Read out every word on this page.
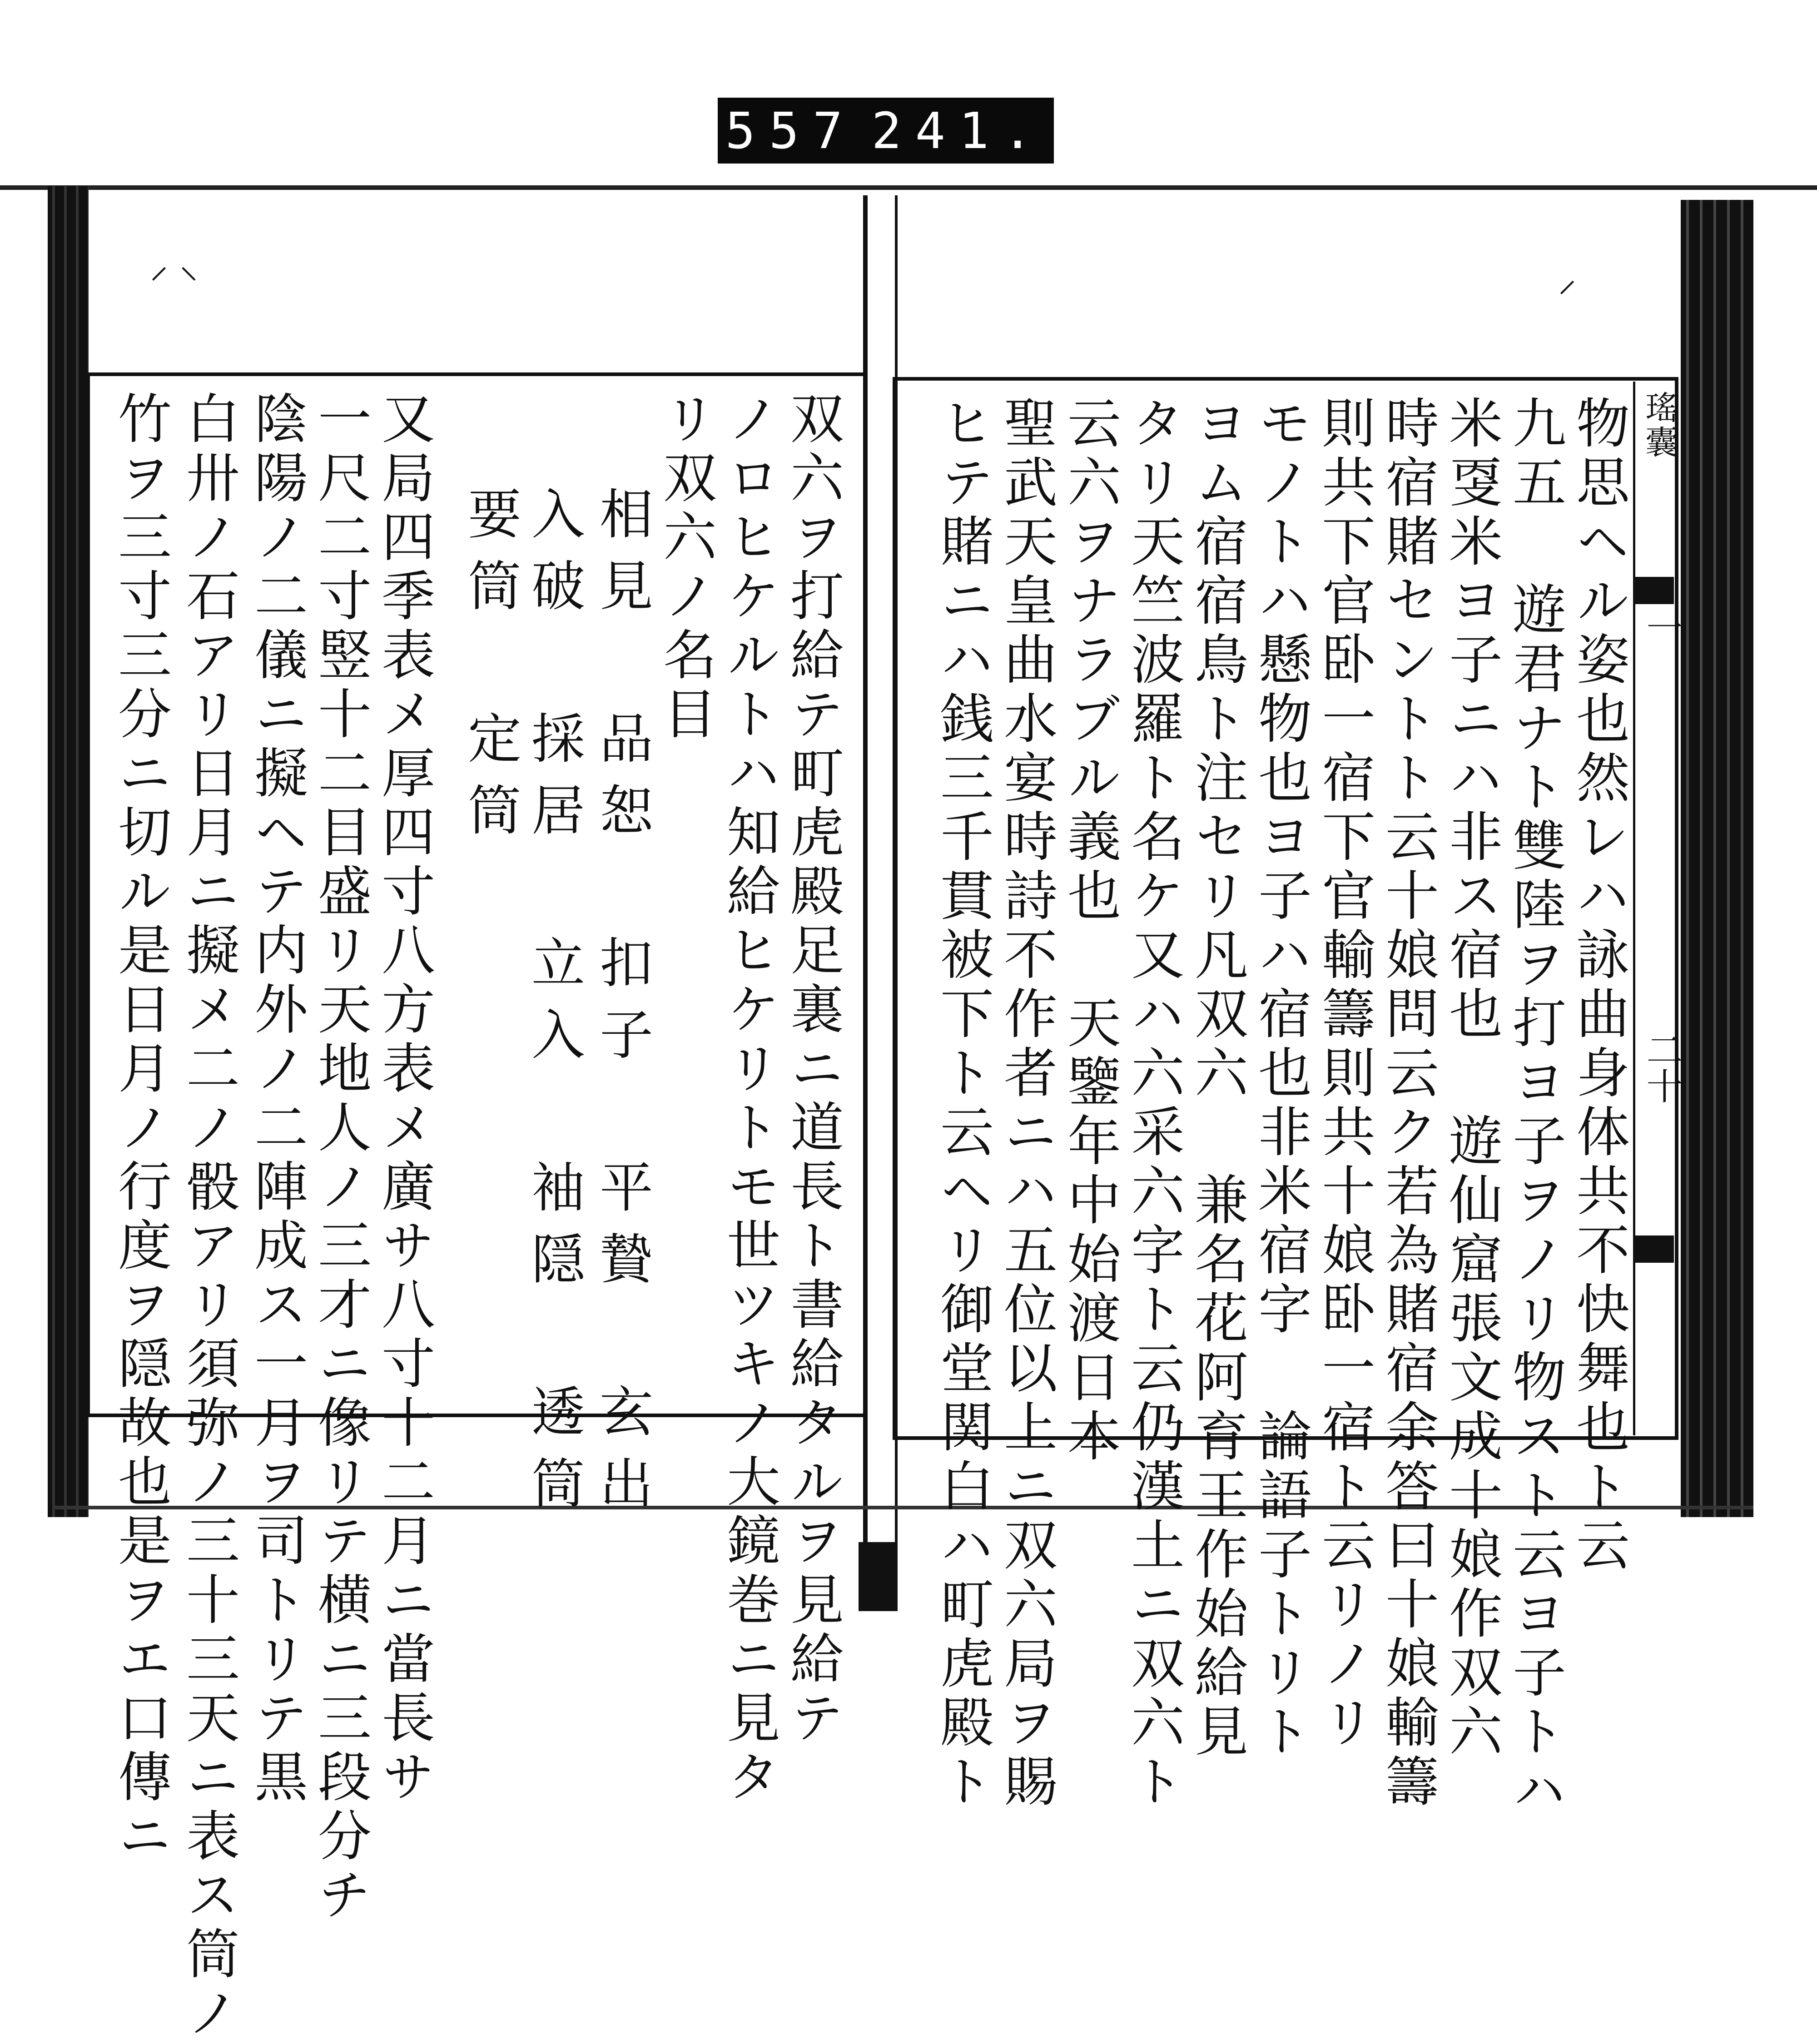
557 241.
⸍ ⸌	⸍
瑤囊
一
二十
物思ヘル姿也然レハ詠曲身体共不快舞也ト云
九五 遊君ナト雙陸ヲ打ヨ子ヲノリ物スト云ヨ子トハ
米㪅米ヨ子ニハ非ス宿也 遊仙窟張文成十娘作双六
時宿賭セントト云十娘問云ク若為賭宿余答曰十娘輸籌
則共下官卧一宿下官輸籌則共十娘卧一宿ト云リノリ
モノトハ懸物也ヨ子ハ宿也非米宿字 論語子トリト
ヨム宿宿鳥ト注セリ凡双六 兼名花阿育王作始給見
タリ天竺波羅ト名ケ又ハ六采六字ト云仍漢土ニ双六ト
云六ヲナラブル義也 天鑒年中始渡日本
聖武天皇曲水宴時詩不作者ニハ五位以上ニ双六局ヲ賜
ヒテ賭ニハ銭三千貫被下ト云ヘリ御堂関白ハ町虎殿ト
双六ヲ打給テ町虎殿足裏ニ道長ト書給タルヲ見給テ
ノロヒケルトハ知給ヒケリトモ世ツキノ大鏡巻ニ見タ
リ双六ノ名目
相見 品恕 扣子 平贄 玄出
入破 採居 立入 袖隠 透筒
要筒 定筒
又局四季表メ厚四寸八方表メ廣サ八寸十二月ニ當長サ
一尺二寸竪十二目盛リ天地人ノ三才ニ像リテ横ニ三段分チ
陰陽ノ二儀ニ擬ヘテ内外ノ二陣成ス一月ヲ司トリテ黒
白卅ノ石アリ日月ニ擬メ二ノ骰アリ須弥ノ三十三天ニ表ス筒ノ
竹ヲ三寸三分ニ切ル是日月ノ行度ヲ隠故也是ヲエ口傳ニ
